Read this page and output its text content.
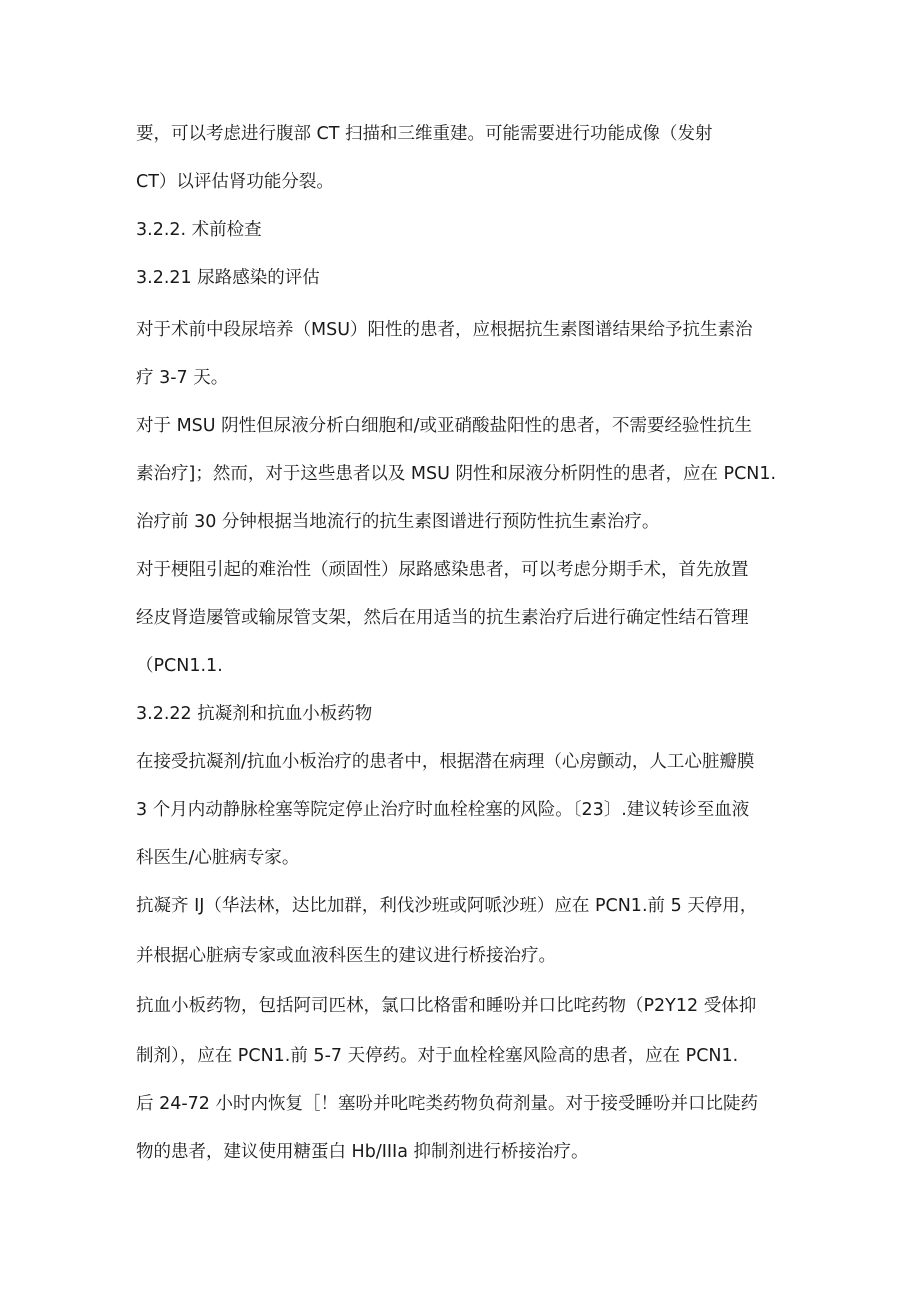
要，可以考虑进行腹部 CT 扫描和三维重建。可能需要进行功能成像（发射
CT）以评估肾功能分裂。
3.2.2. 术前检查
3.2.21 尿路感染的评估
对于术前中段尿培养（MSU）阳性的患者，应根据抗生素图谱结果给予抗生素治
疗 3-7 天。
对于 MSU 阴性但尿液分析白细胞和/或亚硝酸盐阳性的患者，不需要经验性抗生
素治疗]；然而，对于这些患者以及 MSU 阴性和尿液分析阴性的患者，应在 PCN1.
治疗前 30 分钟根据当地流行的抗生素图谱进行预防性抗生素治疗。
对于梗阻引起的难治性（顽固性）尿路感染患者，可以考虑分期手术，首先放置
经皮肾造屡管或输尿管支架，然后在用适当的抗生素治疗后进行确定性结石管理
（PCN1.1.
3.2.22 抗凝剂和抗血小板药物
在接受抗凝剂/抗血小板治疗的患者中，根据潜在病理（心房颤动，人工心脏瓣膜
3 个月内动静脉栓塞等院定停止治疗时血栓栓塞的风险。〔23〕.建议转诊至血液
科医生/心脏病专家。
抗凝齐 IJ（华法林，达比加群，利伐沙班或阿哌沙班）应在 PCN1.前 5 天停用，
并根据心脏病专家或血液科医生的建议进行桥接治疗。
抗血小板药物，包括阿司匹林，氯口比格雷和睡吩并口比咤药物（P2Y12 受体抑
制剂），应在 PCN1.前 5-7 天停药。对于血栓栓塞风险高的患者，应在 PCN1.
后 24-72 小时内恢复［！塞吩并叱咤类药物负荷剂量。对于接受睡吩并口比陡药
物的患者，建议使用糖蛋白 Hb/IIIa 抑制剂进行桥接治疗。
